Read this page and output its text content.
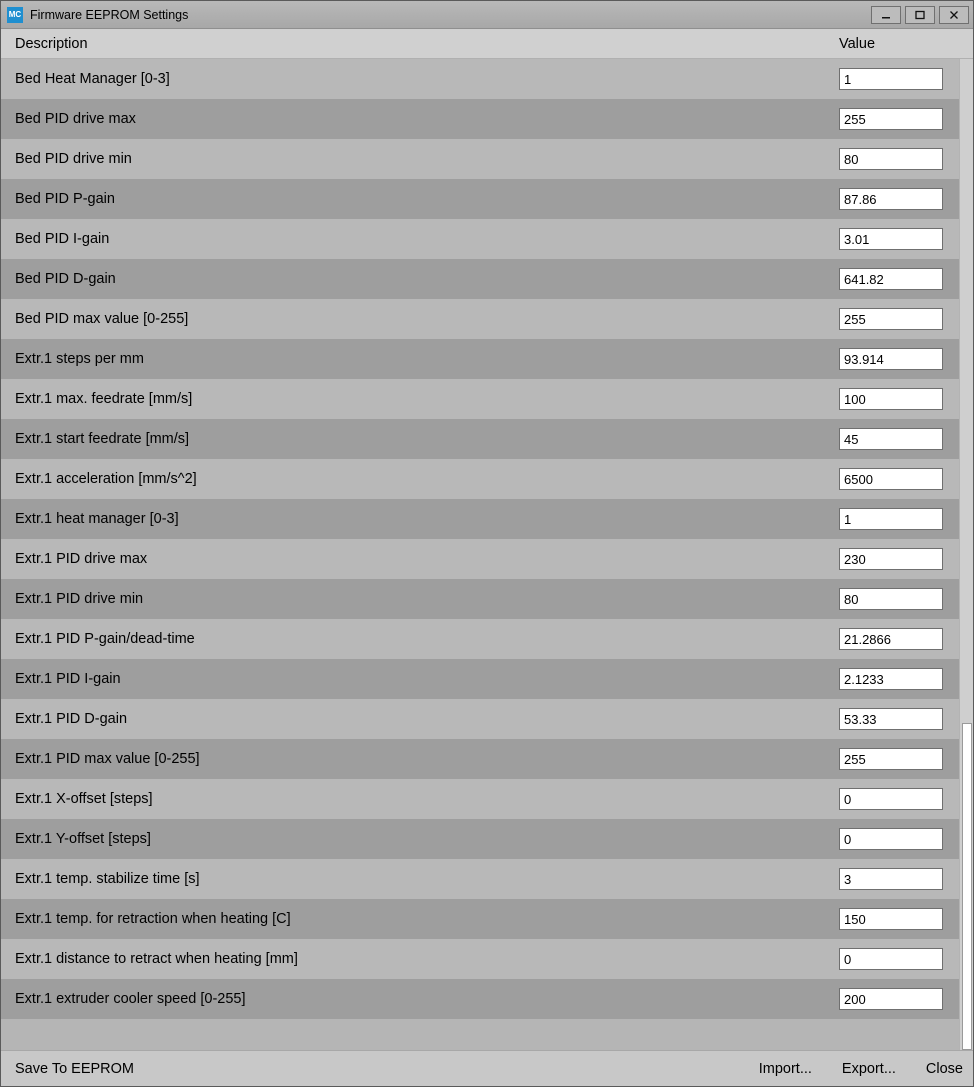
MC Firmware EEPROM Settings
Description	Value
Bed Heat Manager [0-3]
1
Bed PID drive max
255
Bed PID drive min
80
Bed PID P-gain
87.86
Bed PID I-gain
3.01
Bed PID D-gain
641.82
Bed PID max value [0-255]
255
Extr.1 steps per mm
93.914
Extr.1 max. feedrate [mm/s]
100
Extr.1 start feedrate [mm/s]
45
Extr.1 acceleration [mm/s^2]
6500
Extr.1 heat manager [0-3]
1
Extr.1 PID drive max
230
Extr.1 PID drive min
80
Extr.1 PID P-gain/dead-time
21.2866
Extr.1 PID I-gain
2.1233
Extr.1 PID D-gain
53.33
Extr.1 PID max value [0-255]
255
Extr.1 X-offset [steps]
0
Extr.1 Y-offset [steps]
0
Extr.1 temp. stabilize time [s]
3
Extr.1 temp. for retraction when heating [C]
150
Extr.1 distance to retract when heating [mm]
0
Extr.1 extruder cooler speed [0-255]
200
Save To EEPROM	Import... Export... Close
